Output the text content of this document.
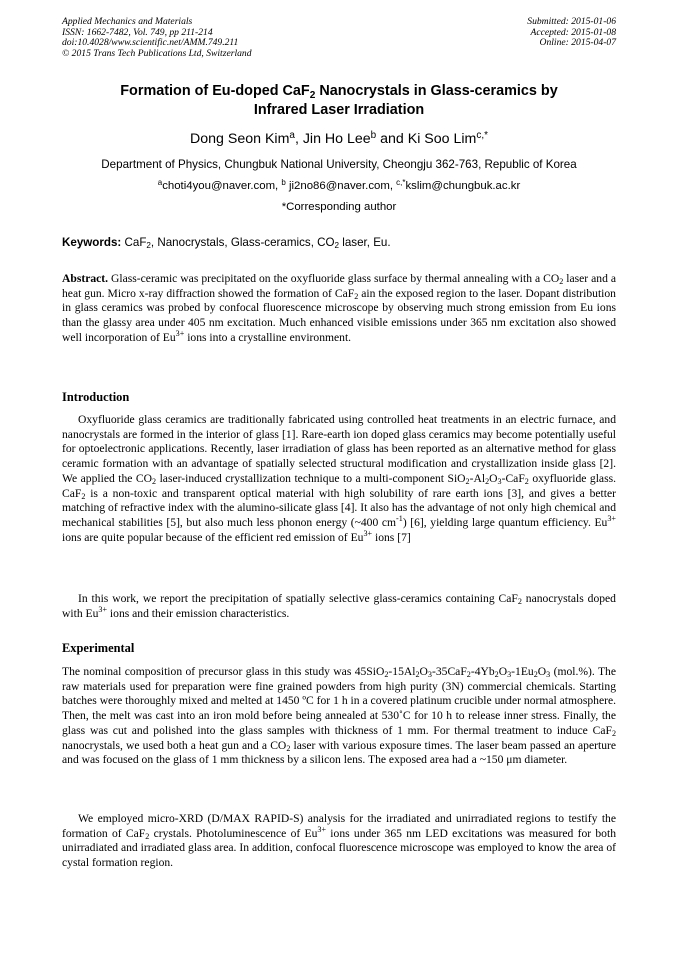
Applied Mechanics and Materials
ISSN: 1662-7482, Vol. 749, pp 211-214
doi:10.4028/www.scientific.net/AMM.749.211
© 2015 Trans Tech Publications Ltd, Switzerland
Submitted: 2015-01-06
Accepted: 2015-01-08
Online: 2015-04-07
Formation of Eu-doped CaF$_2$ Nanocrystals in Glass-ceramics by
Infrared Laser Irradiation
Dong Seon Kim$^a$, Jin Ho Lee$^b$ and Ki Soo Lim$^{c,*}$
Department of Physics, Chungbuk National University, Cheongju 362-763, Republic of Korea
$^a$choti4you@naver.com, $^b$ ji2no86@naver.com, $^{c,*}$kslim@chungbuk.ac.kr
*Corresponding author
Keywords: CaF$_2$, Nanocrystals, Glass-ceramics, $CO_2$ laser, Eu.
Abstract. Glass-ceramic was precipitated on the oxyfluoride glass surface by thermal annealing with a $CO_2$ laser and a heat gun. Micro x-ray diffraction showed the formation of CaF$_2$ ain the exposed region to the laser. Dopant distribution in glass ceramics was probed by confocal fluorescence microscope by observing much strong emission from Eu ions than the glassy area under 405 nm excitation. Much enhanced visible emissions under 365 nm excitation also showed well incorporation of $Eu^{3+}$ ions into a crystalline environment.
Introduction
Oxyfluoride glass ceramics are traditionally fabricated using controlled heat treatments in an electric furnace, and nanocrystals are formed in the interior of glass [1]. Rare-earth ion doped glass ceramics may become potentially useful for optoelectronic applications. Recently, laser irradiation of glass has been reported as an alternative method for glass ceramic formation with an advantage of spatially selected structural modification and crystallization inside glass [2]. We applied the $CO_2$ laser-induced crystallization technique to a multi-component $SiO_2-Al_2O_3-CaF_2$ oxyfluoride glass. CaF$_2$ is a non-toxic and transparent optical material with high solubility of rare earth ions [3], and gives a better matching of refractive index with the alumino-silicate glass [4]. It also has the advantage of not only high chemical and mechanical stabilities [5], but also much less phonon energy (~400 $cm^{-1}$) [6], yielding large quantum efficiency. $Eu^{3+}$ ions are quite popular because of the efficient red emission of $Eu^{3+}$ ions [7]
In this work, we report the precipitation of spatially selective glass-ceramics containing CaF$_2$ nanocrystals doped with $Eu^{3+}$ ions and their emission characteristics.
Experimental
The nominal composition of precursor glass in this study was $45SiO_2-15Al_2O_3-35CaF_2-4Yb_2O_3-1Eu_2O_3$ (mol.%). The raw materials used for preparation were fine grained powders from high purity (3N) commercial chemicals. Starting batches were thoroughly mixed and melted at 1450 ºC for 1 h in a covered platinum crucible under normal atmosphere. Then, the melt was cast into an iron mold before being annealed at 530˚C for 10 h to release inner stress. Finally, the glass was cut and polished into the glass samples with thickness of 1 mm. For thermal treatment to induce CaF$_2$ nanocrystals, we used both a heat gun and a $CO_2$ laser with various exposure times. The laser beam passed an aperture and was focused on the glass of 1 mm thickness by a silicon lens. The exposed area had a ~150 μm diameter.
We employed micro-XRD (D/MAX RAPID-S) analysis for the irradiated and unirradiated regions to testify the formation of CaF$_2$ crystals. Photoluminescence of $Eu^{3+}$ ions under 365 nm LED excitations was measured for both unirradiated and irradiated glass area. In addition, confocal fluorescence microscope was employed to know the area of cystal formation region.
